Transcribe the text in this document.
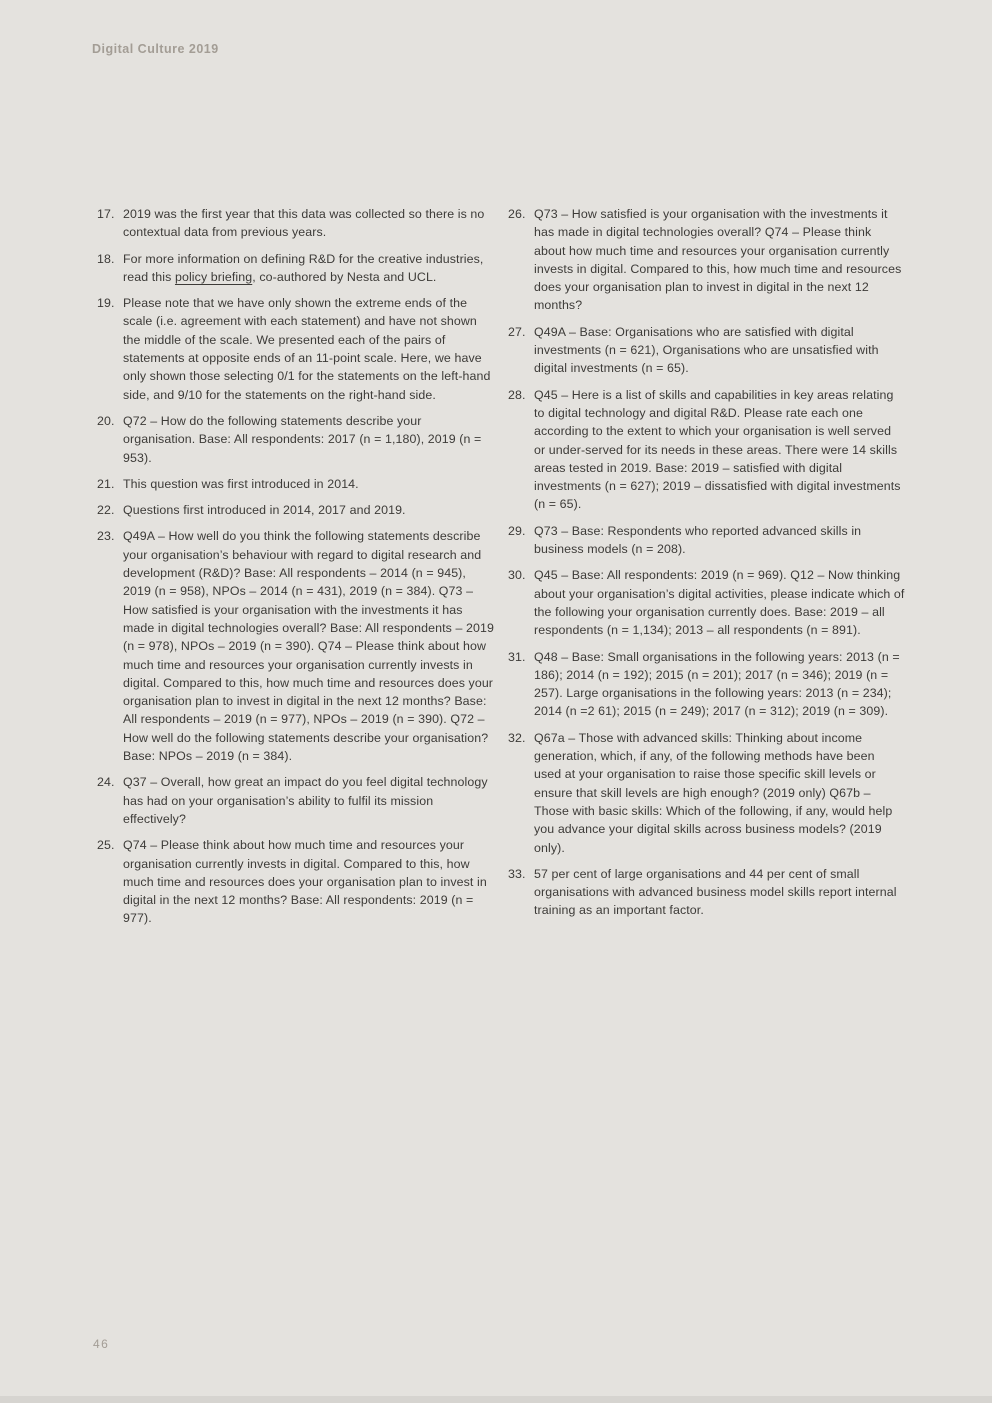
Digital Culture 2019
17. 2019 was the first year that this data was collected so there is no contextual data from previous years.
18. For more information on defining R&D for the creative industries, read this policy briefing, co-authored by Nesta and UCL.
19. Please note that we have only shown the extreme ends of the scale (i.e. agreement with each statement) and have not shown the middle of the scale. We presented each of the pairs of statements at opposite ends of an 11-point scale. Here, we have only shown those selecting 0/1 for the statements on the left-hand side, and 9/10 for the statements on the right-hand side.
20. Q72 – How do the following statements describe your organisation. Base: All respondents: 2017 (n = 1,180), 2019 (n = 953).
21. This question was first introduced in 2014.
22. Questions first introduced in 2014, 2017 and 2019.
23. Q49A – How well do you think the following statements describe your organisation’s behaviour with regard to digital research and development (R&D)? Base: All respondents – 2014 (n = 945), 2019 (n = 958), NPOs – 2014 (n = 431), 2019 (n = 384). Q73 – How satisfied is your organisation with the investments it has made in digital technologies overall? Base: All respondents – 2019 (n = 978), NPOs – 2019 (n = 390). Q74 – Please think about how much time and resources your organisation currently invests in digital. Compared to this, how much time and resources does your organisation plan to invest in digital in the next 12 months? Base: All respondents – 2019 (n = 977), NPOs – 2019 (n = 390). Q72 – How well do the following statements describe your organisation? Base: NPOs – 2019 (n = 384).
24. Q37 – Overall, how great an impact do you feel digital technology has had on your organisation’s ability to fulfil its mission effectively?
25. Q74 – Please think about how much time and resources your organisation currently invests in digital. Compared to this, how much time and resources does your organisation plan to invest in digital in the next 12 months? Base: All respondents: 2019 (n = 977).
26. Q73 – How satisfied is your organisation with the investments it has made in digital technologies overall? Q74 – Please think about how much time and resources your organisation currently invests in digital. Compared to this, how much time and resources does your organisation plan to invest in digital in the next 12 months?
27. Q49A – Base: Organisations who are satisfied with digital investments (n = 621), Organisations who are unsatisfied with digital investments (n = 65).
28. Q45 – Here is a list of skills and capabilities in key areas relating to digital technology and digital R&D. Please rate each one according to the extent to which your organisation is well served or under-served for its needs in these areas. There were 14 skills areas tested in 2019. Base: 2019 – satisfied with digital investments (n = 627); 2019 – dissatisfied with digital investments (n = 65).
29. Q73 – Base: Respondents who reported advanced skills in business models (n = 208).
30. Q45 – Base: All respondents: 2019 (n = 969). Q12 – Now thinking about your organisation’s digital activities, please indicate which of the following your organisation currently does. Base: 2019 – all respondents (n = 1,134); 2013 – all respondents (n = 891).
31. Q48 – Base: Small organisations in the following years: 2013 (n = 186); 2014 (n = 192); 2015 (n = 201); 2017 (n = 346); 2019 (n = 257). Large organisations in the following years: 2013 (n = 234); 2014 (n =2 61); 2015 (n = 249); 2017 (n = 312); 2019 (n = 309).
32. Q67a – Those with advanced skills: Thinking about income generation, which, if any, of the following methods have been used at your organisation to raise those specific skill levels or ensure that skill levels are high enough? (2019 only) Q67b – Those with basic skills: Which of the following, if any, would help you advance your digital skills across business models? (2019 only).
33. 57 per cent of large organisations and 44 per cent of small organisations with advanced business model skills report internal training as an important factor.
46
